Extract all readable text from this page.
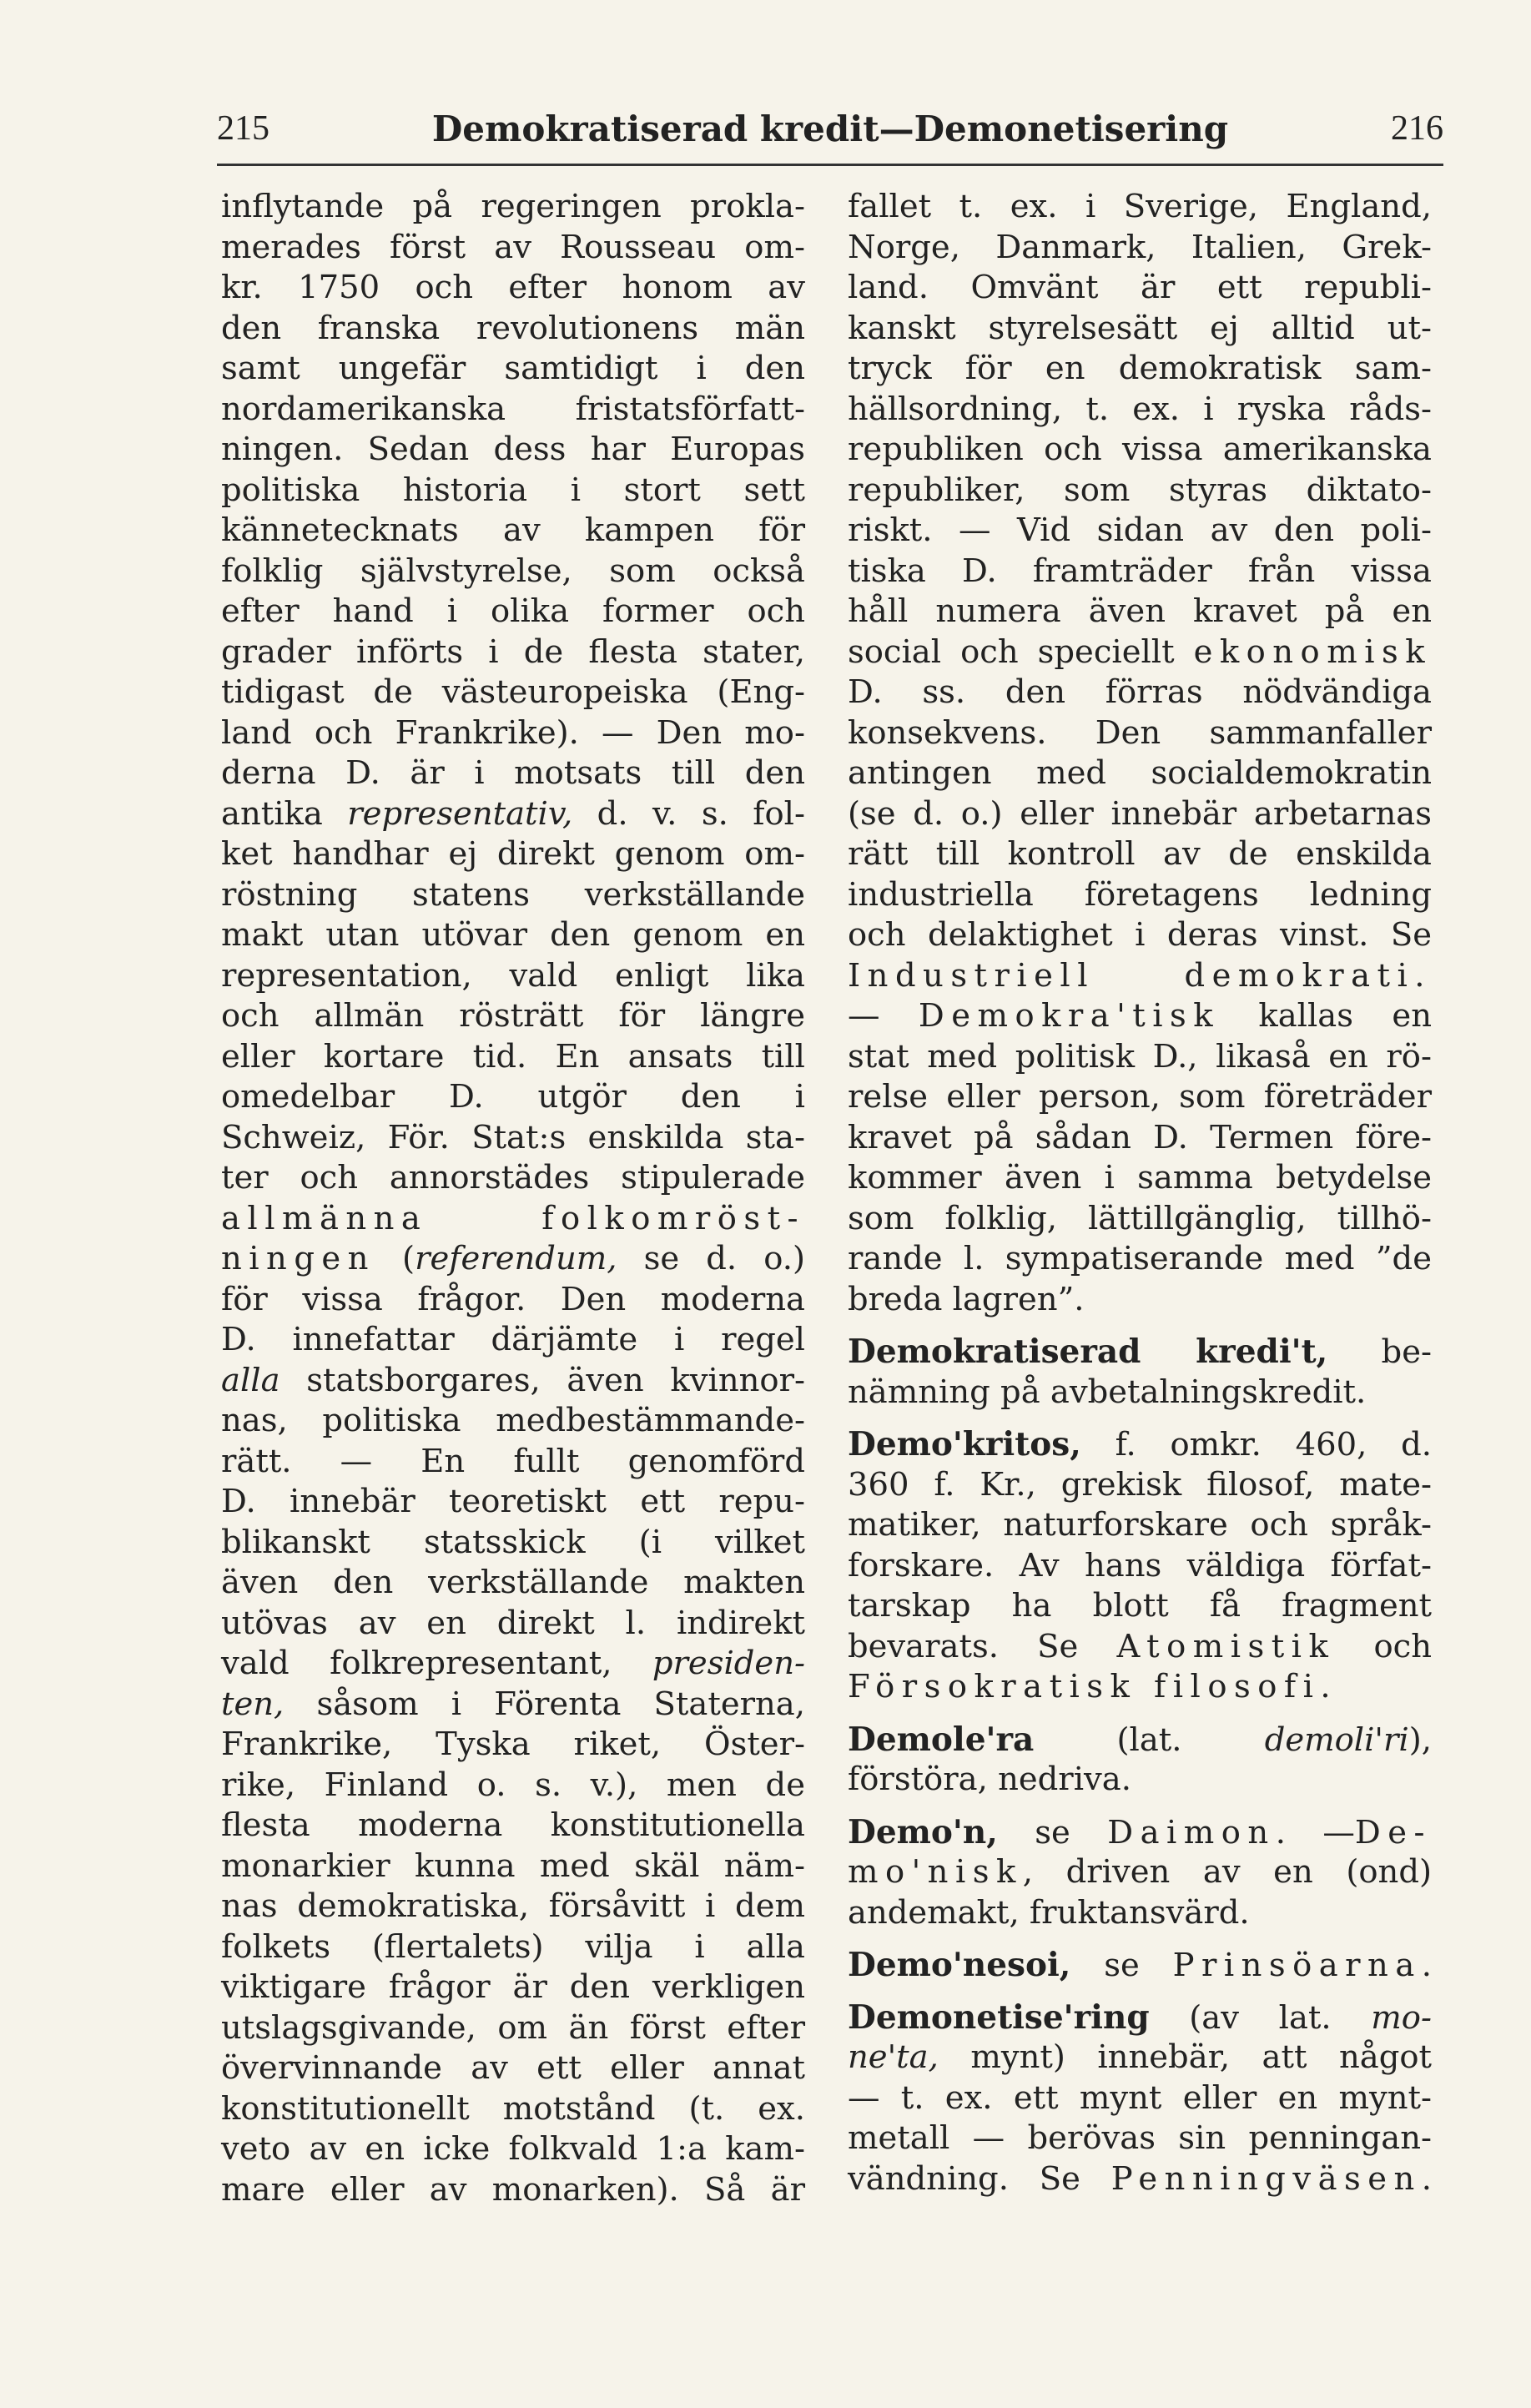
215	Demokratiserad kredit—Demonetisering	216
inflytande på regeringen prokla-
merades först av Rousseau om-
kr. 1750 och efter honom av
den franska revolutionens män
samt ungefär samtidigt i den
nordamerikanska fristatsförfatt-
ningen. Sedan dess har Europas
politiska historia i stort sett
kännetecknats av kampen för
folklig självstyrelse, som också
efter hand i olika former och
grader införts i de flesta stater,
tidigast de västeuropeiska (Eng-
land och Frankrike). — Den mo-
derna D. är i motsats till den
antika representativ, d. v. s. fol-
ket handhar ej direkt genom om-
röstning statens verkställande
makt utan utövar den genom en
representation, vald enligt lika
och allmän rösträtt för längre
eller kortare tid. En ansats till
omedelbar D. utgör den i
Schweiz, För. Stat:s enskilda sta-
ter och annorstädes stipulerade
allmänna folkomröst-
ningen (referendum, se d. o.)
för vissa frågor. Den moderna
D. innefattar därjämte i regel
alla statsborgares, även kvinnor-
nas, politiska medbestämmande-
rätt. — En fullt genomförd
D. innebär teoretiskt ett repu-
blikanskt statsskick (i vilket
även den verkställande makten
utövas av en direkt l. indirekt
vald folkrepresentant, presiden-
ten, såsom i Förenta Staterna,
Frankrike, Tyska riket, Öster-
rike, Finland o. s. v.), men de
flesta moderna konstitutionella
monarkier kunna med skäl näm-
nas demokratiska, försåvitt i dem
folkets (flertalets) vilja i alla
viktigare frågor är den verkligen
utslagsgivande, om än först efter
övervinnande av ett eller annat
konstitutionellt motstånd (t. ex.
veto av en icke folkvald 1:a kam-
mare eller av monarken). Så är
fallet t. ex. i Sverige, England,
Norge, Danmark, Italien, Grek-
land. Omvänt är ett republi-
kanskt styrelsesätt ej alltid ut-
tryck för en demokratisk sam-
hällsordning, t. ex. i ryska råds-
republiken och vissa amerikanska
republiker, som styras diktato-
riskt. — Vid sidan av den poli-
tiska D. framträder från vissa
håll numera även kravet på en
social och speciellt ekonomisk
D. ss. den förras nödvändiga
konsekvens. Den sammanfaller
antingen med socialdemokratin
(se d. o.) eller innebär arbetarnas
rätt till kontroll av de enskilda
industriella företagens ledning
och delaktighet i deras vinst. Se
Industriell demokrati.
— Demokra'tisk kallas en
stat med politisk D., likaså en rö-
relse eller person, som företräder
kravet på sådan D. Termen före-
kommer även i samma betydelse
som folklig, lättillgänglig, tillhö-
rande l. sympatiserande med ”de
breda lagren”.
Demokratiserad kredi't, be-
nämning på avbetalningskredit.
Demo'kritos, f. omkr. 460, d.
360 f. Kr., grekisk filosof, mate-
matiker, naturforskare och språk-
forskare. Av hans väldiga förfat-
tarskap ha blott få fragment
bevarats. Se Atomistik och
Försokratisk filosofi.
Demole'ra (lat. demoli'ri),
förstöra, nedriva.
Demo'n, se Daimon. —De-
mo'nisk, driven av en (ond)
andemakt, fruktansvärd.
Demo'nesoi, se Prinsöarna.
Demonetise'ring (av lat. mo-
ne'ta, mynt) innebär, att något
— t. ex. ett mynt eller en mynt-
metall — berövas sin penningan-
vändning. Se Penningväsen.
